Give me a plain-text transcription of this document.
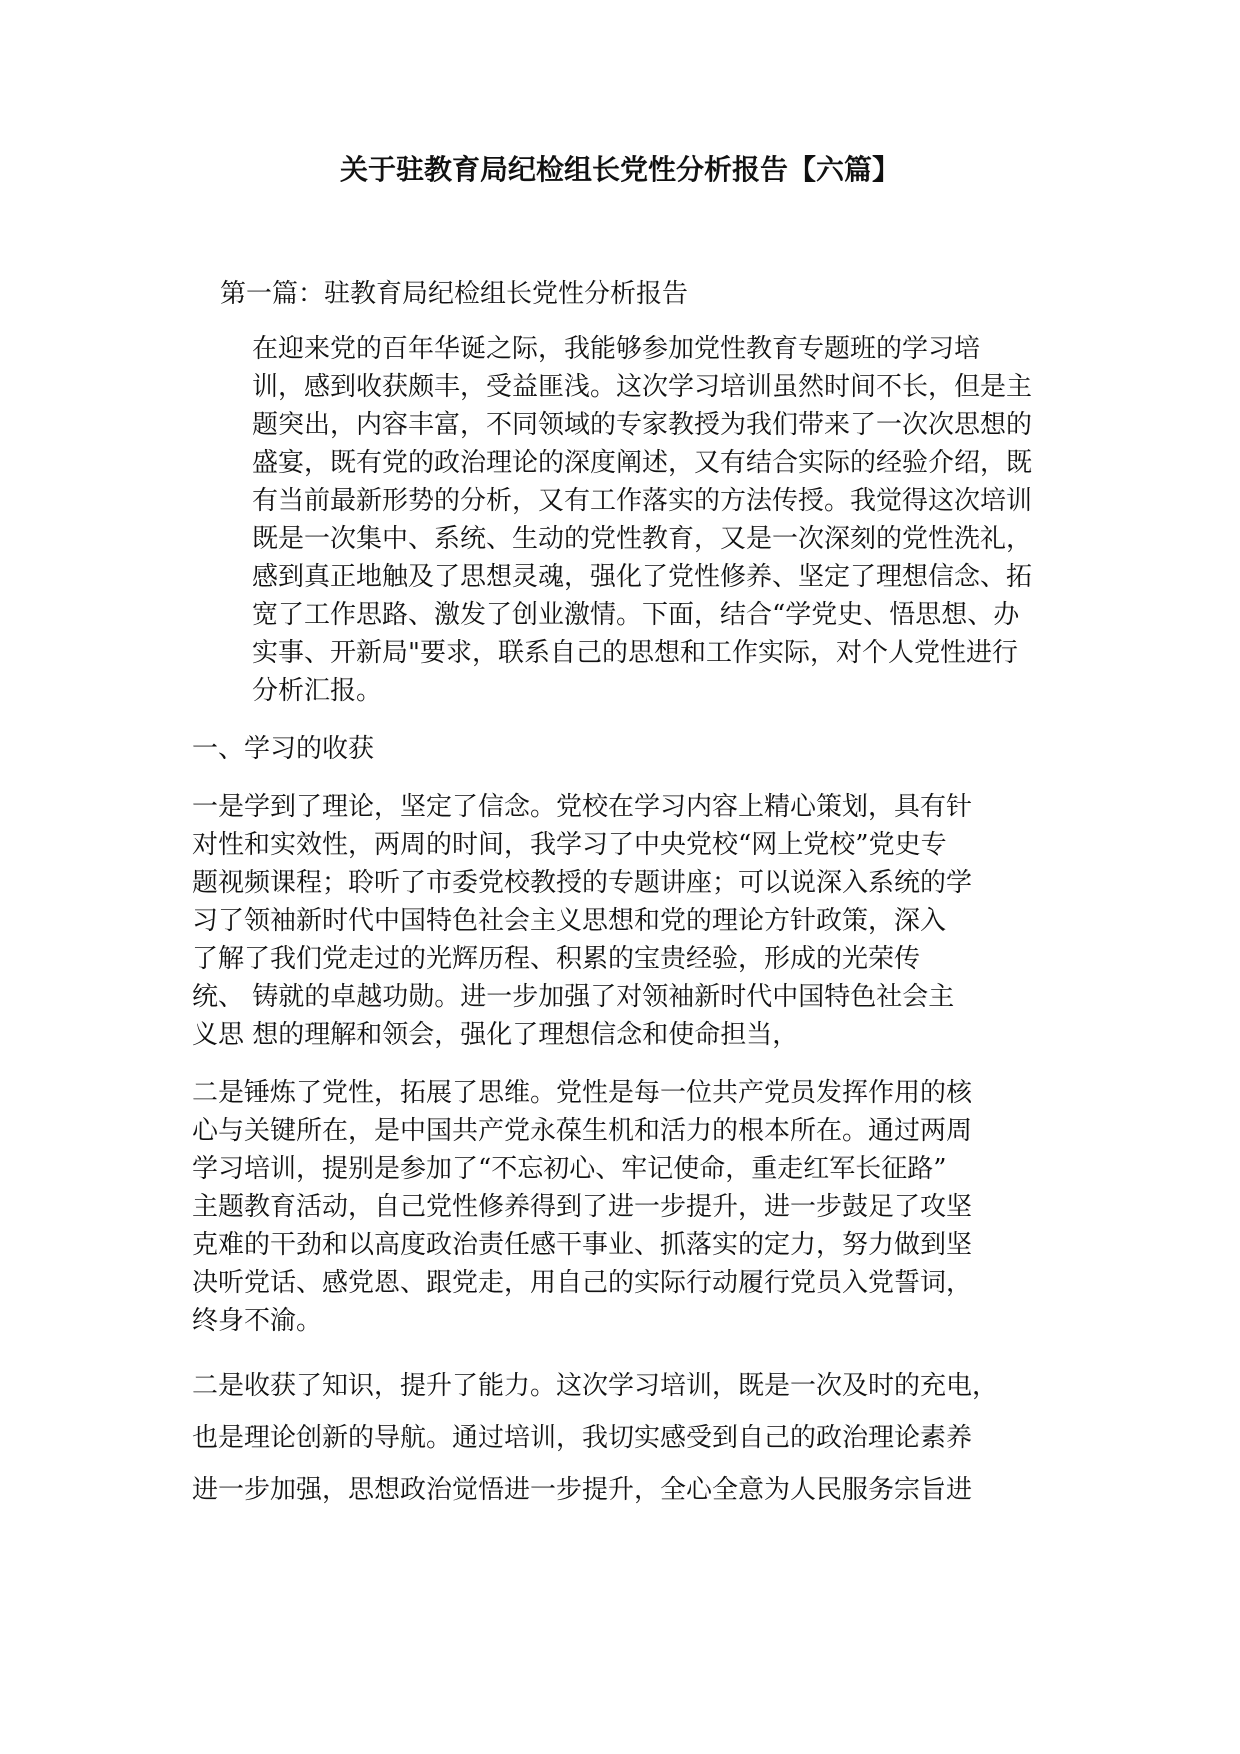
关于驻教育局纪检组长党性分析报告【六篇】

第一篇：驻教育局纪检组长党性分析报告

在迎来党的百年华诞之际，我能够参加党性教育专题班的学习培
训，感到收获颇丰，受益匪浅。这次学习培训虽然时间不长，但是主
题突出，内容丰富，不同领域的专家教授为我们带来了一次次思想的
盛宴，既有党的政治理论的深度阐述，又有结合实际的经验介绍，既
有当前最新形势的分析，又有工作落实的方法传授。我觉得这次培训
既是一次集中、系统、生动的党性教育，又是一次深刻的党性洗礼，
感到真正地触及了思想灵魂，强化了党性修养、坚定了理想信念、拓
宽了工作思路、激发了创业激情。下面，结合“学党史、悟思想、办
实事、开新局"要求，联系自己的思想和工作实际，对个人党性进行
分析汇报。

一、学习的收获

一是学到了理论，坚定了信念。党校在学习内容上精心策划，具有针
对性和实效性，两周的时间，我学习了中央党校“网上党校”党史专
题视频课程；聆听了市委党校教授的专题讲座；可以说深入系统的学
习了领袖新时代中国特色社会主义思想和党的理论方针政策，深入
了解了我们党走过的光辉历程、积累的宝贵经验，形成的光荣传
统、 铸就的卓越功勋。进一步加强了对领袖新时代中国特色社会主
义思 想的理解和领会，强化了理想信念和使命担当，

二是锤炼了党性，拓展了思维。党性是每一位共产党员发挥作用的核
心与关键所在，是中国共产党永葆生机和活力的根本所在。通过两周
学习培训，提别是参加了“不忘初心、牢记使命，重走红军长征路”
主题教育活动，自己党性修养得到了进一步提升，进一步鼓足了攻坚
克难的干劲和以高度政治责任感干事业、抓落实的定力，努力做到坚
决听党话、感党恩、跟党走，用自己的实际行动履行党员入党誓词，
终身不渝。

二是收获了知识，提升了能力。这次学习培训，既是一次及时的充电，
也是理论创新的导航。通过培训，我切实感受到自己的政治理论素养
进一步加强，思想政治觉悟进一步提升，全心全意为人民服务宗旨进
